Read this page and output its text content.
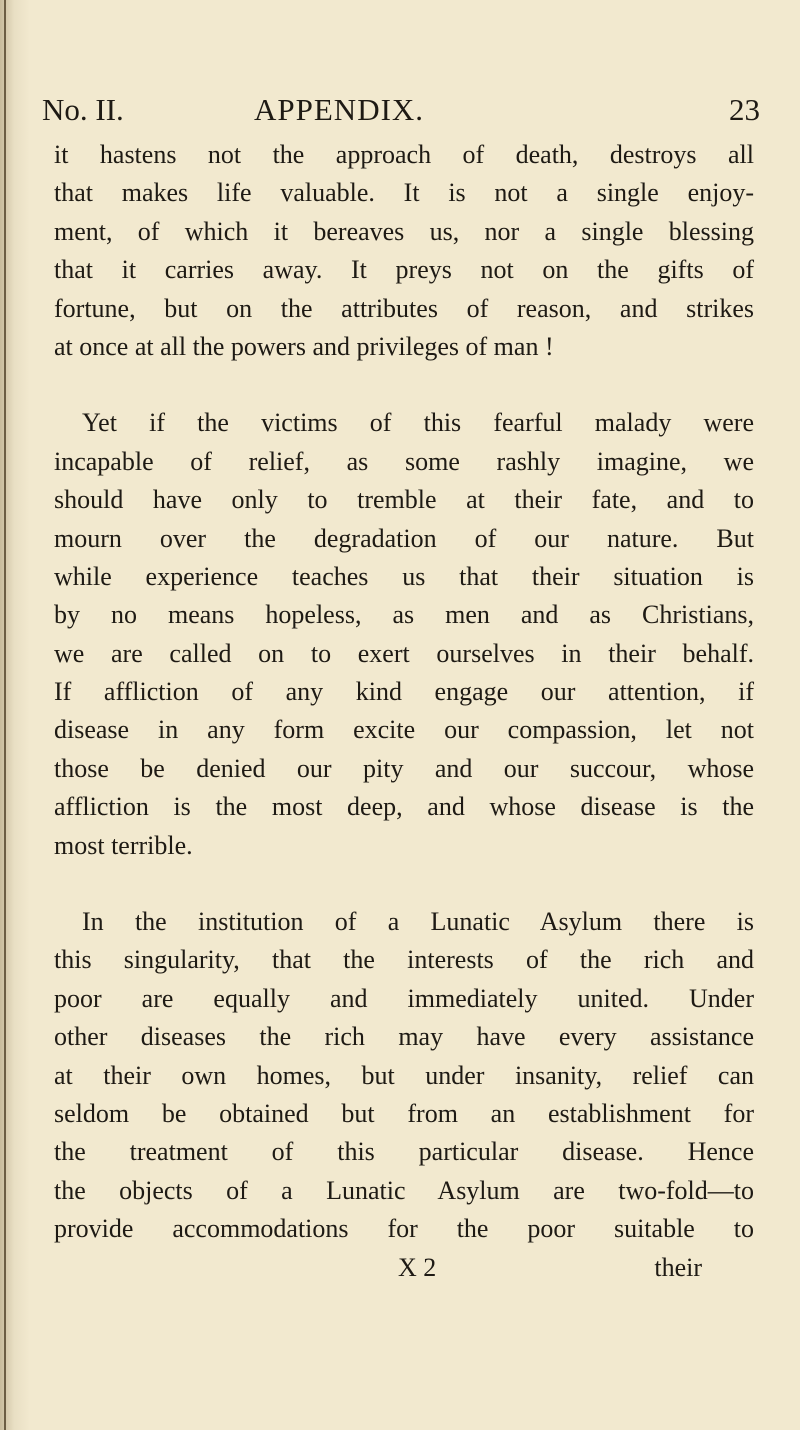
No. II.	APPENDIX.	23
it hastens not the approach of death, destroys all
that makes life valuable. It is not a single enjoy-
ment, of which it bereaves us, nor a single blessing
that it carries away. It preys not on the gifts of
fortune, but on the attributes of reason, and strikes
at once at all the powers and privileges of man !
Yet if the victims of this fearful malady were
incapable of relief, as some rashly imagine, we
should have only to tremble at their fate, and to
mourn over the degradation of our nature. But
while experience teaches us that their situation is
by no means hopeless, as men and as Christians,
we are called on to exert ourselves in their behalf.
If affliction of any kind engage our attention, if
disease in any form excite our compassion, let not
those be denied our pity and our succour, whose
affliction is the most deep, and whose disease is the
most terrible.
In the institution of a Lunatic Asylum there is
this singularity, that the interests of the rich and
poor are equally and immediately united. Under
other diseases the rich may have every assistance
at their own homes, but under insanity, relief can
seldom be obtained but from an establishment for
the treatment of this particular disease. Hence
the objects of a Lunatic Asylum are two-fold—to
provide accommodations for the poor suitable to
X 2	their
